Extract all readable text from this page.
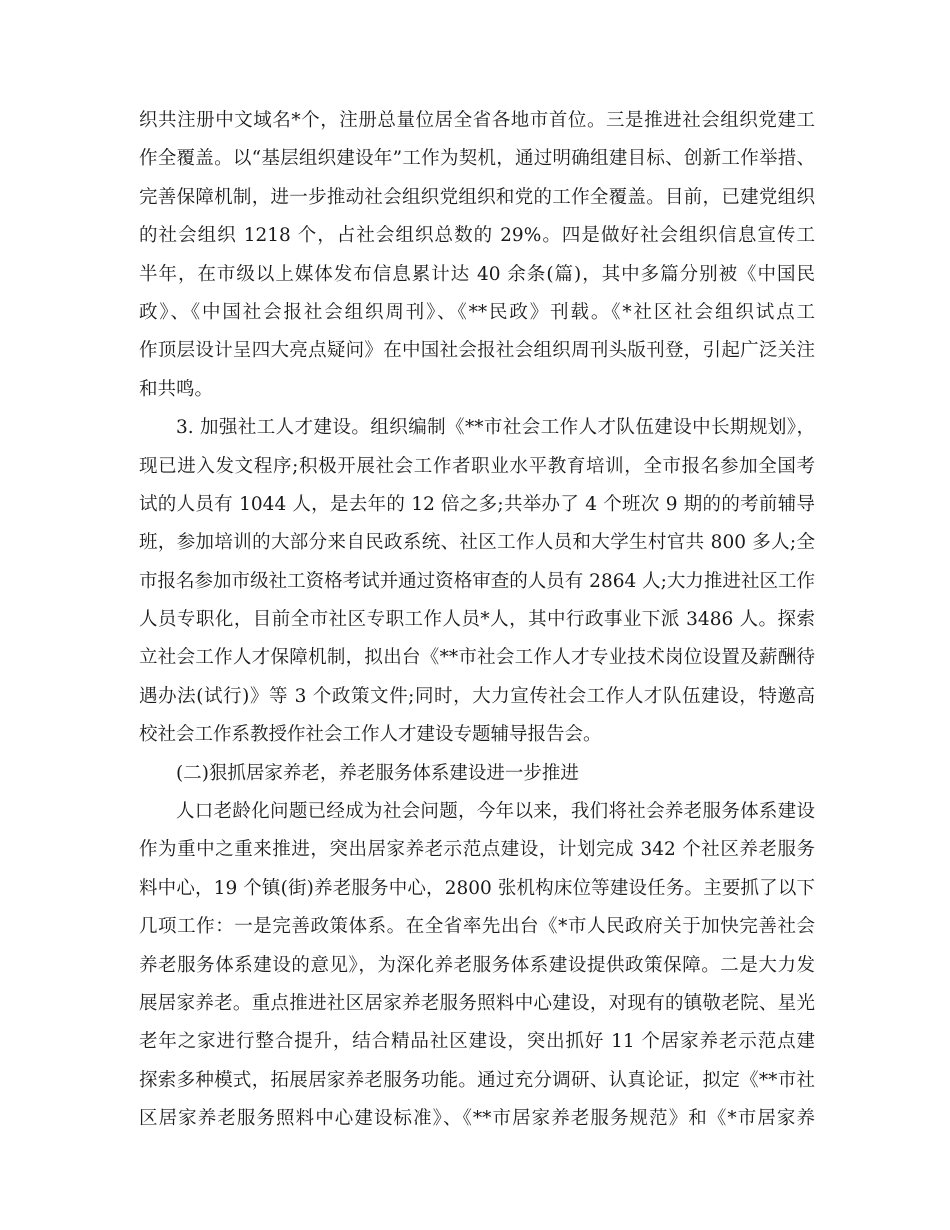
织共注册中文域名*个，注册总量位居全省各地市首位。三是推进社会组织党建工
作全覆盖。以“基层组织建设年”工作为契机，通过明确组建目标、创新工作举措、
完善保障机制，进一步推动社会组织党组织和党的工作全覆盖。目前，已建党组织
的社会组织 1218 个，占社会组织总数的 29%。四是做好社会组织信息宣传工
半年，在市级以上媒体发布信息累计达 40 余条(篇)，其中多篇分别被《中国民
政》、《中国社会报社会组织周刊》、《**民政》刊载。《*社区社会组织试点工
作顶层设计呈四大亮点疑问》在中国社会报社会组织周刊头版刊登，引起广泛关注
和共鸣。
3. 加强社工人才建设。组织编制《**市社会工作人才队伍建设中长期规划》，
现已进入发文程序;积极开展社会工作者职业水平教育培训，全市报名参加全国考
试的人员有 1044 人，是去年的 12 倍之多;共举办了 4 个班次 9 期的的考前辅导
班，参加培训的大部分来自民政系统、社区工作人员和大学生村官共 800 多人;全
市报名参加市级社工资格考试并通过资格审查的人员有 2864 人;大力推进社区工作
人员专职化，目前全市社区专职工作人员*人，其中行政事业下派 3486 人。探索
立社会工作人才保障机制，拟出台《**市社会工作人才专业技术岗位设置及薪酬待
遇办法(试行)》等 3 个政策文件;同时，大力宣传社会工作人才队伍建设，特邀高
校社会工作系教授作社会工作人才建设专题辅导报告会。
(二)狠抓居家养老，养老服务体系建设进一步推进
人口老龄化问题已经成为社会问题，今年以来，我们将社会养老服务体系建设
作为重中之重来推进，突出居家养老示范点建设，计划完成 342 个社区养老服务
料中心，19 个镇(街)养老服务中心，2800 张机构床位等建设任务。主要抓了以下
几项工作：一是完善政策体系。在全省率先出台《*市人民政府关于加快完善社会
养老服务体系建设的意见》，为深化养老服务体系建设提供政策保障。二是大力发
展居家养老。重点推进社区居家养老服务照料中心建设，对现有的镇敬老院、星光
老年之家进行整合提升，结合精品社区建设，突出抓好 11 个居家养老示范点建
探索多种模式，拓展居家养老服务功能。通过充分调研、认真论证，拟定《**市社
区居家养老服务照料中心建设标准》、《**市居家养老服务规范》和《*市居家养
